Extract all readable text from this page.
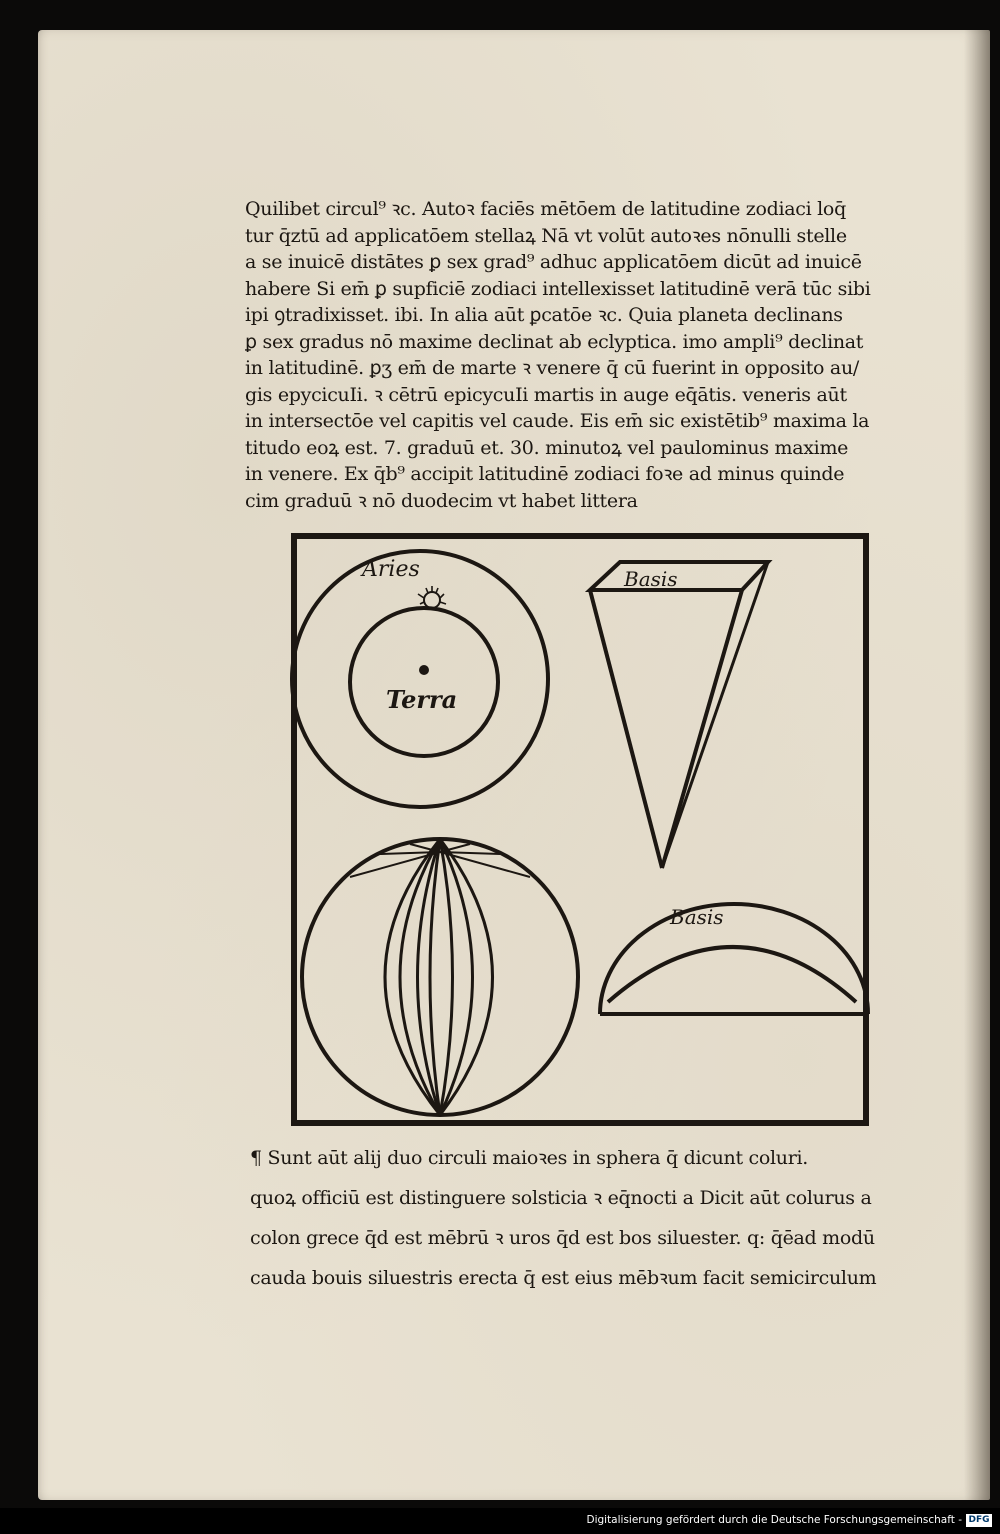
Quilibet circul⁹ ꝛc. Autoꝛ faciēs mētōem de latitudine zodiaci loq̄
tur q̄ztū ad applicatōem stellaꝝ Nā vt volūt autoꝛes nōnulli stelle
a se inuicē distātes ꝑ sex grad⁹ adhuc applicatōem dicūt ad inuicē
habere Si em̄ ꝑ supficiē zodiaci intellexisset latitudinē verā tūc sibi
ipi ꝯtradixisset. ibi. In alia aūt ꝑcatōe ꝛc. Quia planeta declinans
ꝑ sex gradus nō maxime declinat ab eclyptica. imo ampli⁹ declinat
in latitudinē. ꝑʒ em̄ de marte ꝛ venere q̄ cū fuerint in opposito au/
gis epycicuIi. ꝛ cētrū epicycuIi martis in auge eq̄ātis. veneris aūt
in intersectōe vel capitis vel caude. Eis em̄ sic existētib⁹ maxima la
titudo eoꝝ est. 7. graduū et. 30. minutoꝝ vel paulominus maxime
in venere. Ex q̄b⁹ accipit latitudinē zodiaci foꝛe ad minus quinde
cim graduū ꝛ nō duodecim vt habet littera
Aries
Terra
Basis
Basis
¶ Sunt aūt alij duo circuli maioꝛes in sphera q̄ dicunt coluri.
quoꝝ officiū est distinguere solsticia ꝛ eq̄nocti a Dicit aūt colurus a
colon grece q̄d est mēbrū ꝛ uros q̄d est bos siluester. q: q̄ēad modū
cauda bouis siluestris erecta q̄ est eius mēbꝛum facit semicirculum
Digitalisierung gefördert durch die Deutsche Forschungsgemeinschaft - DFG
